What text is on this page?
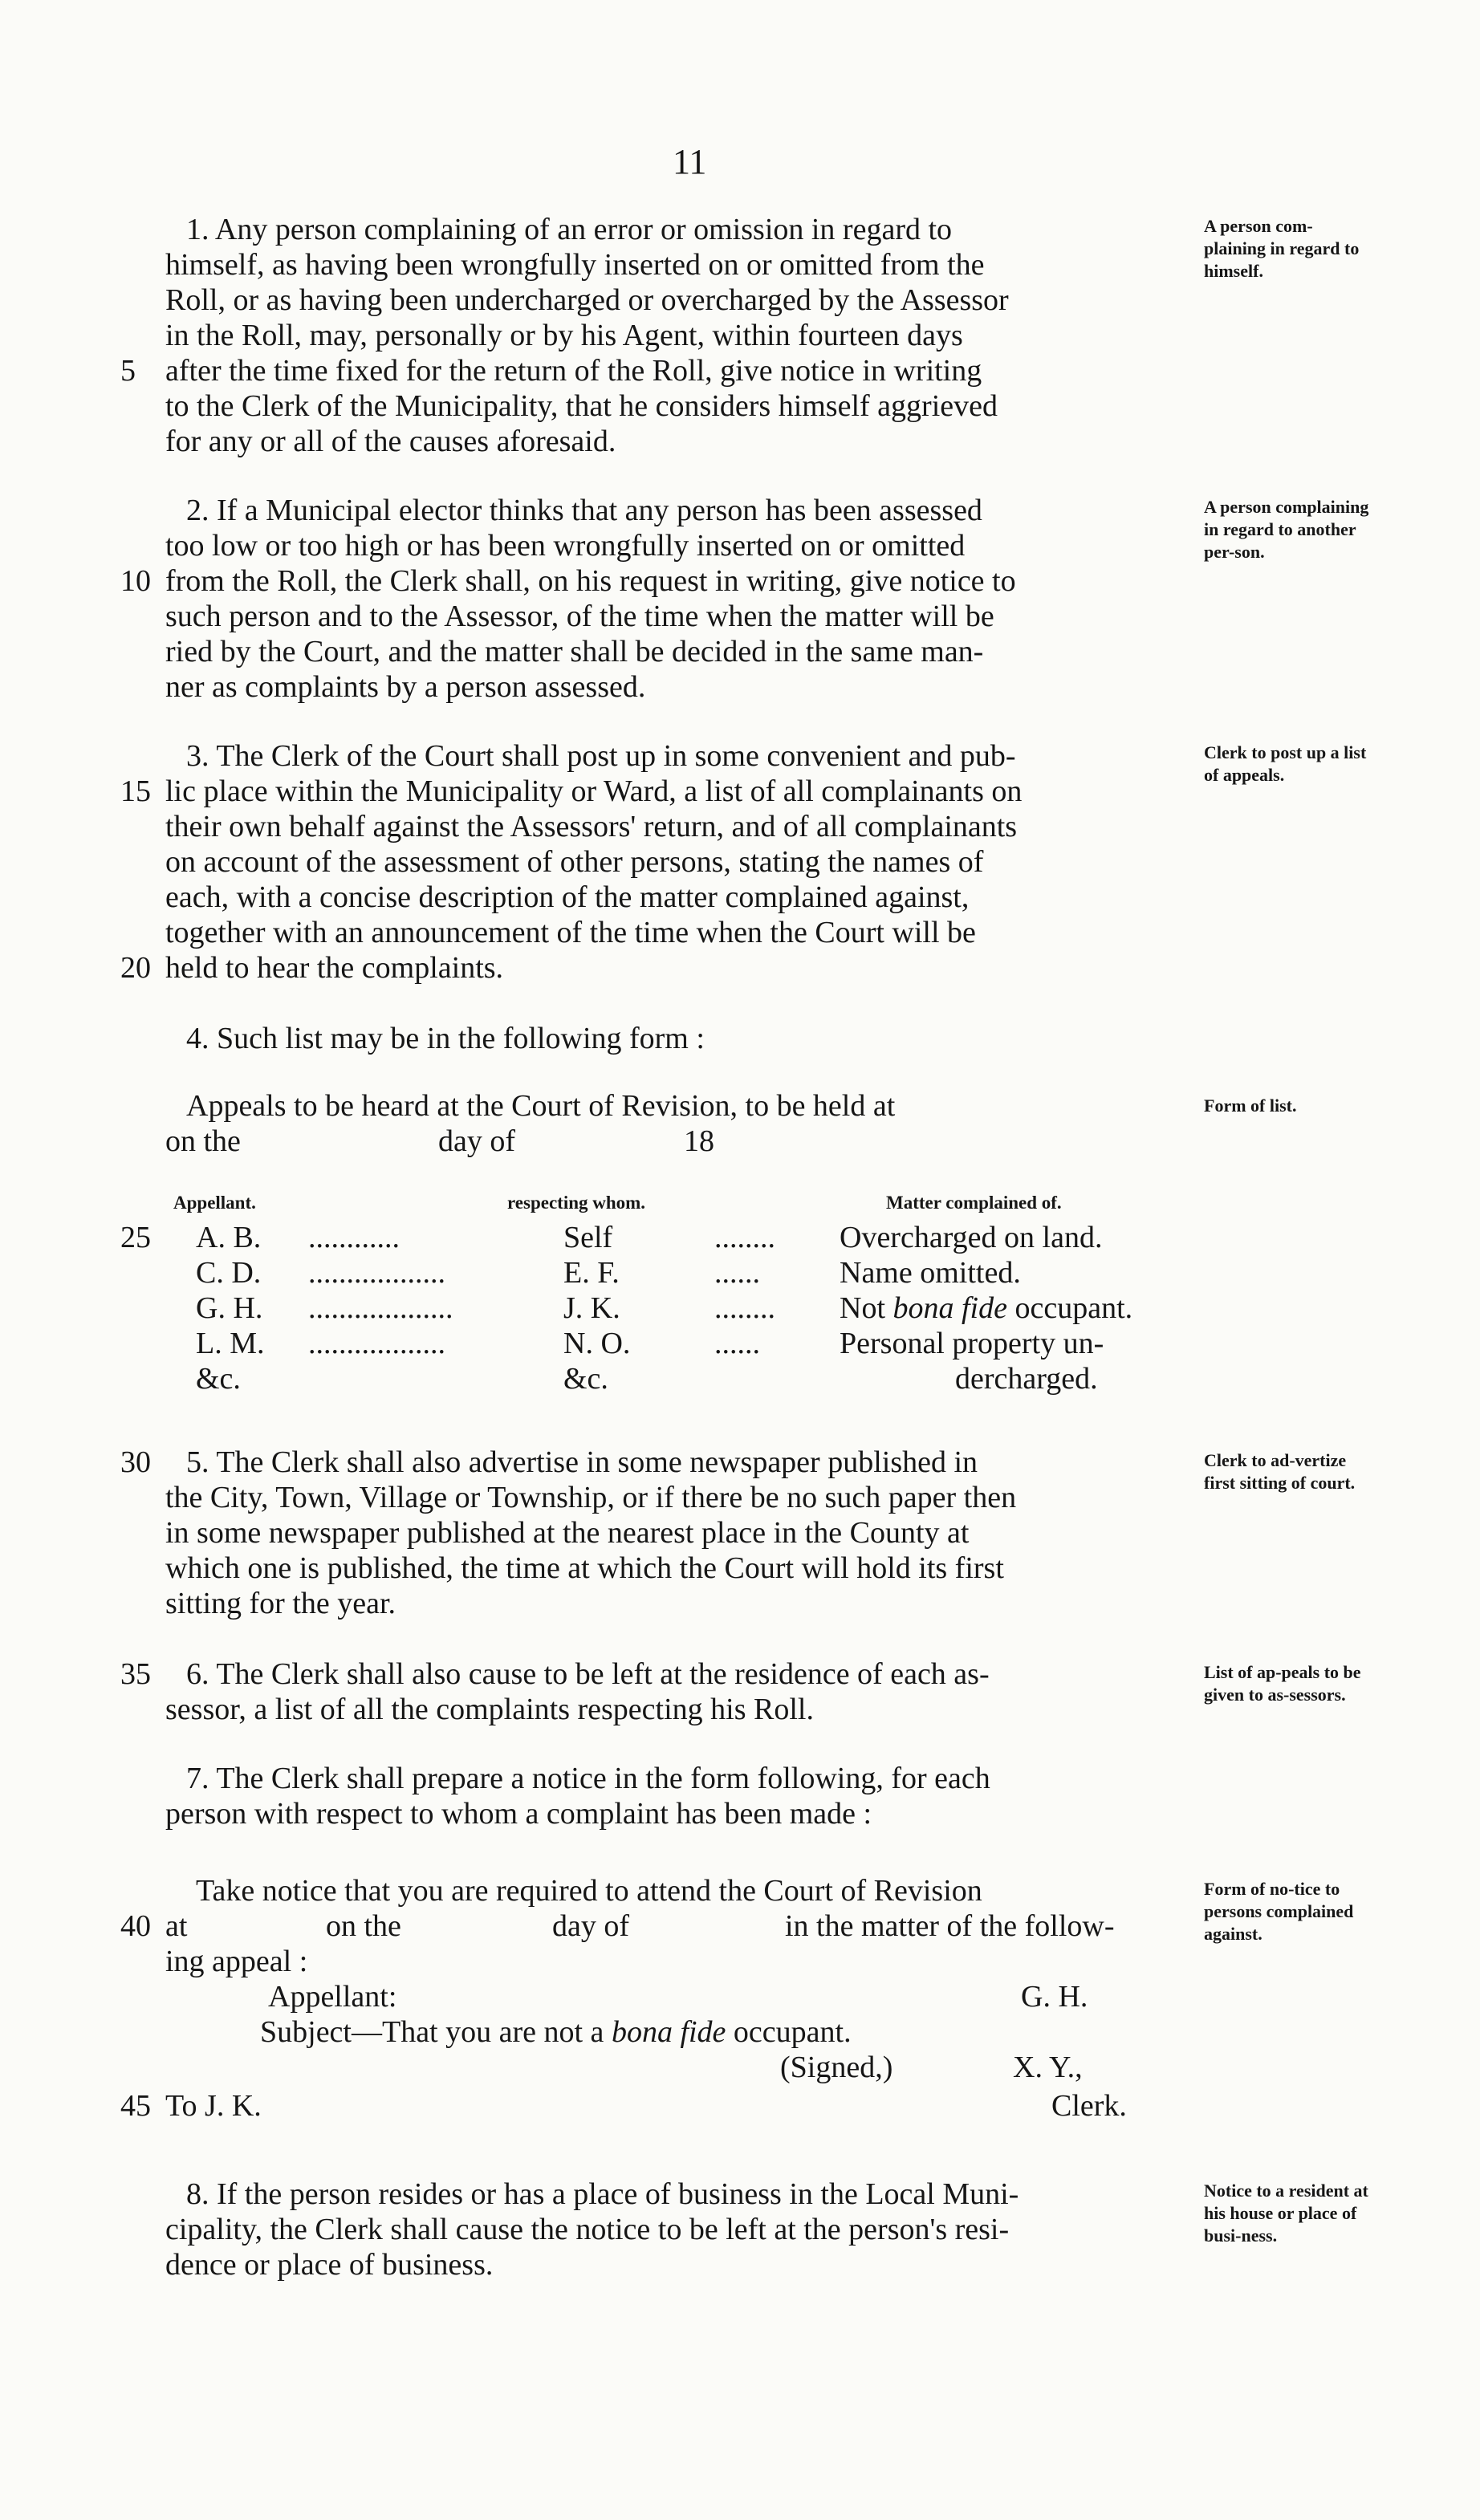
11
1. Any person complaining of an error or omission in regard to
himself, as having been wrongfully inserted on or omitted from the
Roll, or as having been undercharged or overcharged by the Assessor
in the Roll, may, personally or by his Agent, within fourteen days
5 after the time fixed for the return of the Roll, give notice in writing
to the Clerk of the Municipality, that he considers himself aggrieved
for any or all of the causes aforesaid.
A person com-plaining in regard to himself.
2. If a Municipal elector thinks that any person has been assessed
too low or too high or has been wrongfully inserted on or omitted
10 from the Roll, the Clerk shall, on his request in writing, give notice to
such person and to the Assessor, of the time when the matter will be
ried by the Court, and the matter shall be decided in the same man-
ner as complaints by a person assessed.
A person complaining in regard to another per-son.
3. The Clerk of the Court shall post up in some convenient and pub-
15 lic place within the Municipality or Ward, a list of all complainants on
their own behalf against the Assessors' return, and of all complainants
on account of the assessment of other persons, stating the names of
each, with a concise description of the matter complained against,
together with an announcement of the time when the Court will be
20 held to hear the complaints.
Clerk to post up a list of appeals.
4. Such list may be in the following form :
Appeals to be heard at the Court of Revision, to be held at
on the	day of	18
Form of list.
Appellant.	respecting whom.	Matter complained of.
25 A. B. ............	Self	........ Overcharged on land.
C. D. ..................	E. F.	......	Name omitted.
G. H. ...................	J. K.	........ Not bona fide occupant.
L. M. ..................	N. O.	......	Personal property un-
&c.	&c.	dercharged.
30 5. The Clerk shall also advertise in some newspaper published in
the City, Town, Village or Township, or if there be no such paper then
in some newspaper published at the nearest place in the County at
which one is published, the time at which the Court will hold its first
sitting for the year.
Clerk to ad-vertize first sitting of court.
35 6. The Clerk shall also cause to be left at the residence of each as-
sessor, a list of all the complaints respecting his Roll.
List of ap-peals to be given to as-sessors.
7. The Clerk shall prepare a notice in the form following, for each
person with respect to whom a complaint has been made :
Take notice that you are required to attend the Court of Revision
40 at	on the	day of	in the matter of the follow-
ing appeal :
Appellant:	G. H.
Subject—That you are not a bona fide occupant.
(Signed,)	X. Y.,
45 To J. K.	Clerk.
Form of no-tice to persons complained against.
8. If the person resides or has a place of business in the Local Muni-
cipality, the Clerk shall cause the notice to be left at the person's resi-
dence or place of business.
Notice to a resident at his house or place of busi-ness.
